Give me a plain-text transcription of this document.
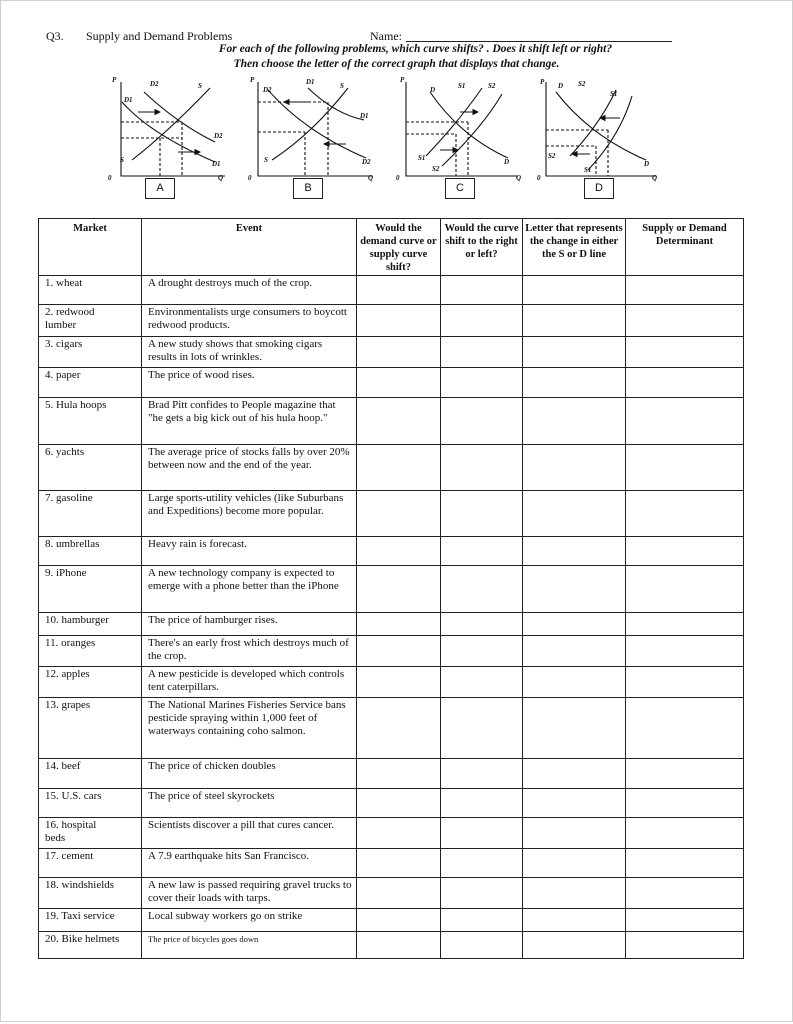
Q3. Supply and Demand Problems	Name:
For each of the following problems, which curve shifts? . Does it shift left or right?
Then choose the letter of the correct graph that displays that change.
P	D2
D1
S
D2
D1
S
Q
0
P
D2
D1	S
D1
D2
S
Q
0
P
D	S1	S2
S1
S2
D
Q
0
P D S2
S1
S2
S1
D
Q
0
A	B	C	D
Market	Event	Would the demand curve or supply curve shift?	Would the curve shift to the right or left?	Letter that represents the change in either the S or D line	Supply or Demand Determinant
1. wheat	A drought destroys much of the crop.				
2. redwood
lumber	Environmentalists urge consumers to boycott redwood products.				
3. cigars	A new study shows that smoking cigars results in lots of wrinkles.				
4. paper	The price of wood rises.				
5. Hula hoops	Brad Pitt confides to People magazine that "he gets a big kick out of his hula hoop."				
6. yachts	The average price of stocks falls by over 20% between now and the end of the year.				
7. gasoline	Large sports-utility vehicles (like Suburbans and Expeditions) become more popular.				
8. umbrellas	Heavy rain is forecast.				
9. iPhone	A new technology company is expected to emerge with a phone better than the iPhone				
10. hamburger	The price of hamburger rises.				
11. oranges	There's an early frost which destroys much of the crop.				
12. apples	A new pesticide is developed which controls tent caterpillars.				
13. grapes	The National Marines Fisheries Service bans pesticide spraying within 1,000 feet of waterways containing coho salmon.				
14. beef	The price of chicken doubles				
15. U.S. cars	The price of steel skyrockets				
16. hospital
beds	Scientists discover a pill that cures cancer.				
17. cement	A 7.9 earthquake hits San Francisco.				
18. windshields	A new law is passed requiring gravel trucks to cover their loads with tarps.				
19. Taxi service	Local subway workers go on strike				
20. Bike helmets	The price of bicycles goes down				
